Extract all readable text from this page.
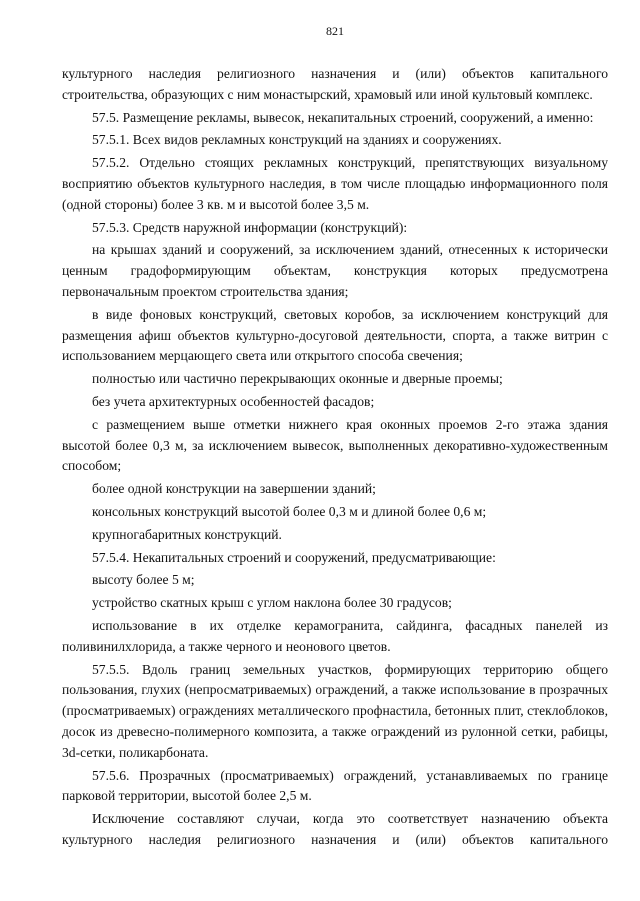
821

культурного наследия религиозного назначения и (или) объектов капитального строительства, образующих с ним монастырский, храмовый или иной культовый комплекс.

57.5. Размещение рекламы, вывесок, некапитальных строений, сооружений, а именно:

57.5.1. Всех видов рекламных конструкций на зданиях и сооружениях.

57.5.2. Отдельно стоящих рекламных конструкций, препятствующих визуальному восприятию объектов культурного наследия, в том числе площадью информационного поля (одной стороны) более 3 кв. м и высотой более 3,5 м.

57.5.3. Средств наружной информации (конструкций):

на крышах зданий и сооружений, за исключением зданий, отнесенных к исторически ценным градоформирующим объектам, конструкция которых предусмотрена первоначальным проектом строительства здания;

в виде фоновых конструкций, световых коробов, за исключением конструкций для размещения афиш объектов культурно-досуговой деятельности, спорта, а также витрин с использованием мерцающего света или открытого способа свечения;

полностью или частично перекрывающих оконные и дверные проемы;

без учета архитектурных особенностей фасадов;

с размещением выше отметки нижнего края оконных проемов 2-го этажа здания высотой более 0,3 м, за исключением вывесок, выполненных декоративно-художественным способом;

более одной конструкции на завершении зданий;

консольных конструкций высотой более 0,3 м и длиной более 0,6 м;

крупногабаритных конструкций.

57.5.4. Некапитальных строений и сооружений, предусматривающие:

высоту более 5 м;

устройство скатных крыш с углом наклона более 30 градусов;

использование в их отделке керамогранита, сайдинга, фасадных панелей из поливинилхлорида, а также черного и неонового цветов.

57.5.5. Вдоль границ земельных участков, формирующих территорию общего пользования, глухих (непросматриваемых) ограждений, а также использование в прозрачных (просматриваемых) ограждениях металлического профнастила, бетонных плит, стеклоблоков, досок из древесно-полимерного композита, а также ограждений из рулонной сетки, рабицы, 3d-сетки, поликарбоната.

57.5.6. Прозрачных (просматриваемых) ограждений, устанавливаемых по границе парковой территории, высотой более 2,5 м.

Исключение составляют случаи, когда это соответствует назначению объекта культурного наследия религиозного назначения и (или) объектов капитального
